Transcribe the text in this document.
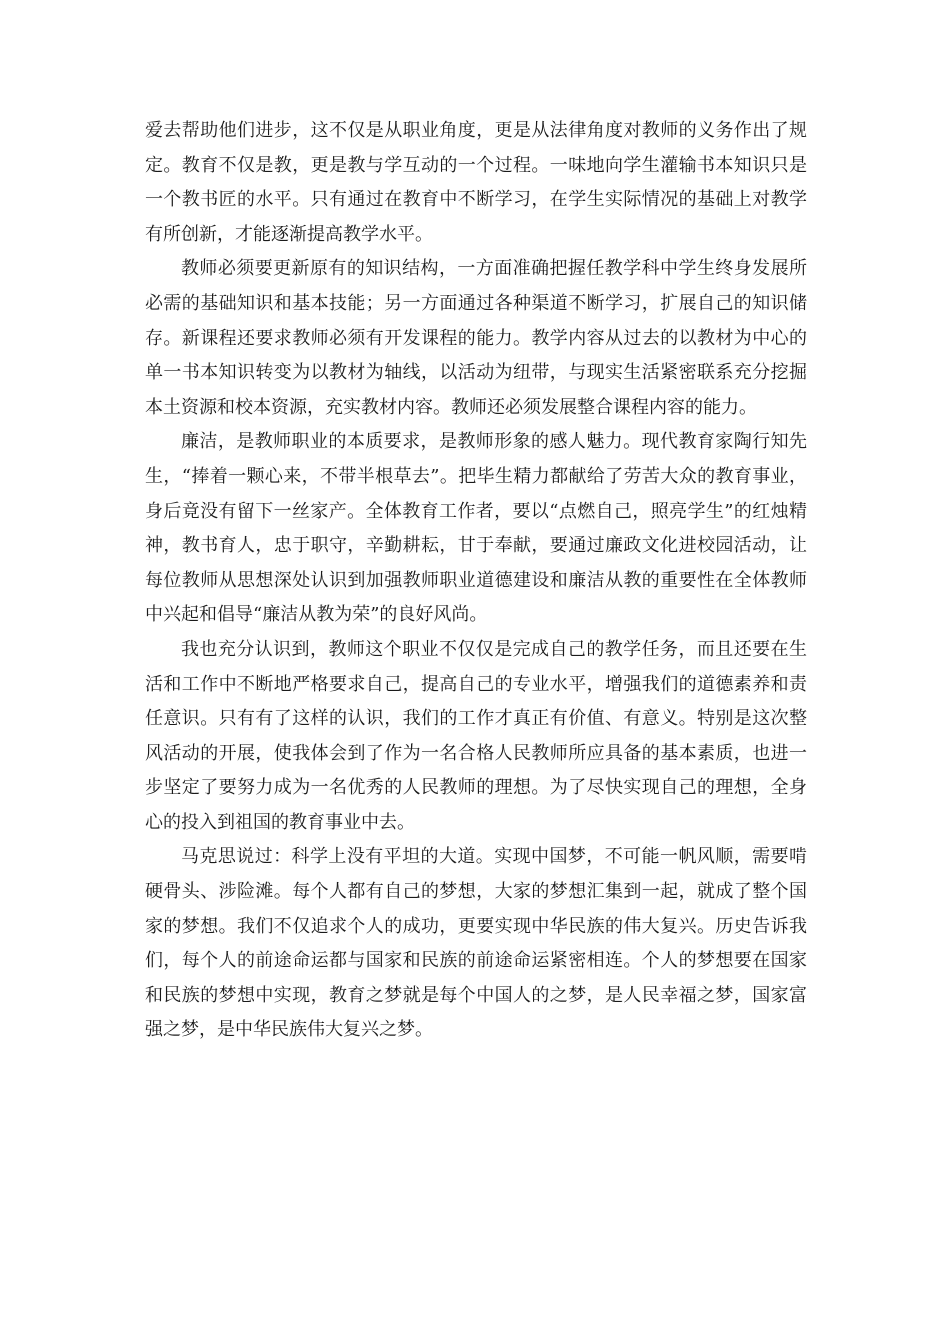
爱去帮助他们进步，这不仅是从职业角度，更是从法律角度对教师的义务作出了规定。教育不仅是教，更是教与学互动的一个过程。一味地向学生灌输书本知识只是一个教书匠的水平。只有通过在教育中不断学习，在学生实际情况的基础上对教学有所创新，才能逐渐提高教学水平。

教师必须要更新原有的知识结构，一方面准确把握任教学科中学生终身发展所必需的基础知识和基本技能；另一方面通过各种渠道不断学习，扩展自己的知识储存。新课程还要求教师必须有开发课程的能力。教学内容从过去的以教材为中心的单一书本知识转变为以教材为轴线，以活动为纽带，与现实生活紧密联系充分挖掘本土资源和校本资源，充实教材内容。教师还必须发展整合课程内容的能力。

廉洁，是教师职业的本质要求，是教师形象的感人魅力。现代教育家陶行知先生，“捧着一颗心来，不带半根草去”。把毕生精力都献给了劳苦大众的教育事业，身后竟没有留下一丝家产。全体教育工作者，要以“点燃自己，照亮学生”的红烛精神，教书育人，忠于职守，辛勤耕耘，甘于奉献，要通过廉政文化进校园活动，让每位教师从思想深处认识到加强教师职业道德建设和廉洁从教的重要性在全体教师中兴起和倡导“廉洁从教为荣”的良好风尚。

我也充分认识到，教师这个职业不仅仅是完成自己的教学任务，而且还要在生活和工作中不断地严格要求自己，提高自己的专业水平，增强我们的道德素养和责任意识。只有有了这样的认识，我们的工作才真正有价值、有意义。特别是这次整风活动的开展，使我体会到了作为一名合格人民教师所应具备的基本素质，也进一步坚定了要努力成为一名优秀的人民教师的理想。为了尽快实现自己的理想，全身心的投入到祖国的教育事业中去。

马克思说过：科学上没有平坦的大道。实现中国梦，不可能一帆风顺，需要啃硬骨头、涉险滩。每个人都有自己的梦想，大家的梦想汇集到一起，就成了整个国家的梦想。我们不仅追求个人的成功，更要实现中华民族的伟大复兴。历史告诉我们，每个人的前途命运都与国家和民族的前途命运紧密相连。个人的梦想要在国家和民族的梦想中实现，教育之梦就是每个中国人的之梦，是人民幸福之梦，国家富强之梦，是中华民族伟大复兴之梦。
